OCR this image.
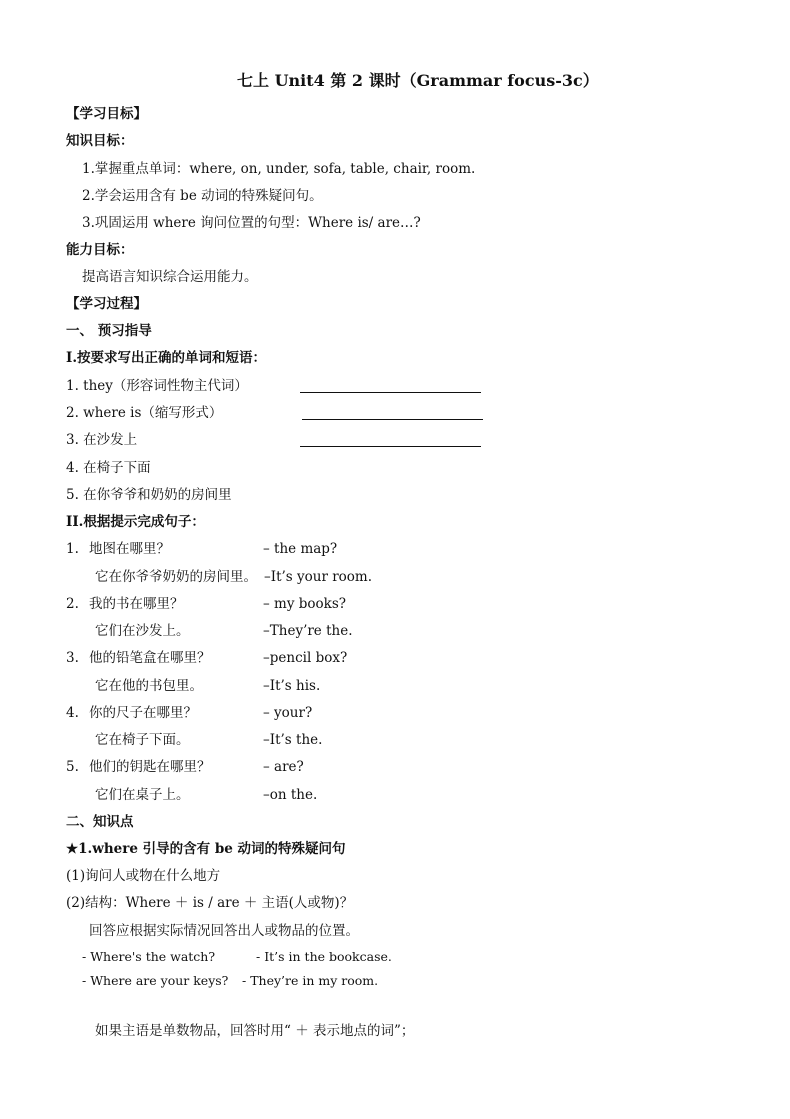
七上 Unit4 第 2 课时（Grammar focus-3c）
【学习目标】
知识目标：
1.掌握重点单词：where, on, under, sofa, table, chair, room.
2.学会运用含有 be 动词的特殊疑问句。
3.巩固运用 where 询问位置的句型：Where is/ are…?
能力目标：
提高语言知识综合运用能力。
【学习过程】
一、 预习指导
I.按要求写出正确的单词和短语：
1. they（形容词性物主代词）
2. where is（缩写形式）
3. 在沙发上
4. 在椅子下面
5. 在你爷爷和奶奶的房间里
II.根据提示完成句子：
1. 地图在哪里？	– the map?
它在你爷爷奶奶的房间里。 –It’s your room.
2. 我的书在哪里？	– my books?
它们在沙发上。	–They’re the.
3. 他的铅笔盒在哪里？	–pencil box?
它在他的书包里。	–It’s his.
4. 你的尺子在哪里？	– your?
它在椅子下面。	–It’s the.
5. 他们的钥匙在哪里？	– are?
它们在桌子上。	–on the.
二、知识点
★1.where 引导的含有 be 动词的特殊疑问句
(1)询问人或物在什么地方
(2)结构：Where ＋ is / are ＋ 主语(人或物)？
回答应根据实际情况回答出人或物品的位置。
- Where's the watch?	- It’s in the bookcase.
- Where are your keys? - They’re in my room.
如果主语是单数物品，回答时用“ ＋ 表示地点的词”；
